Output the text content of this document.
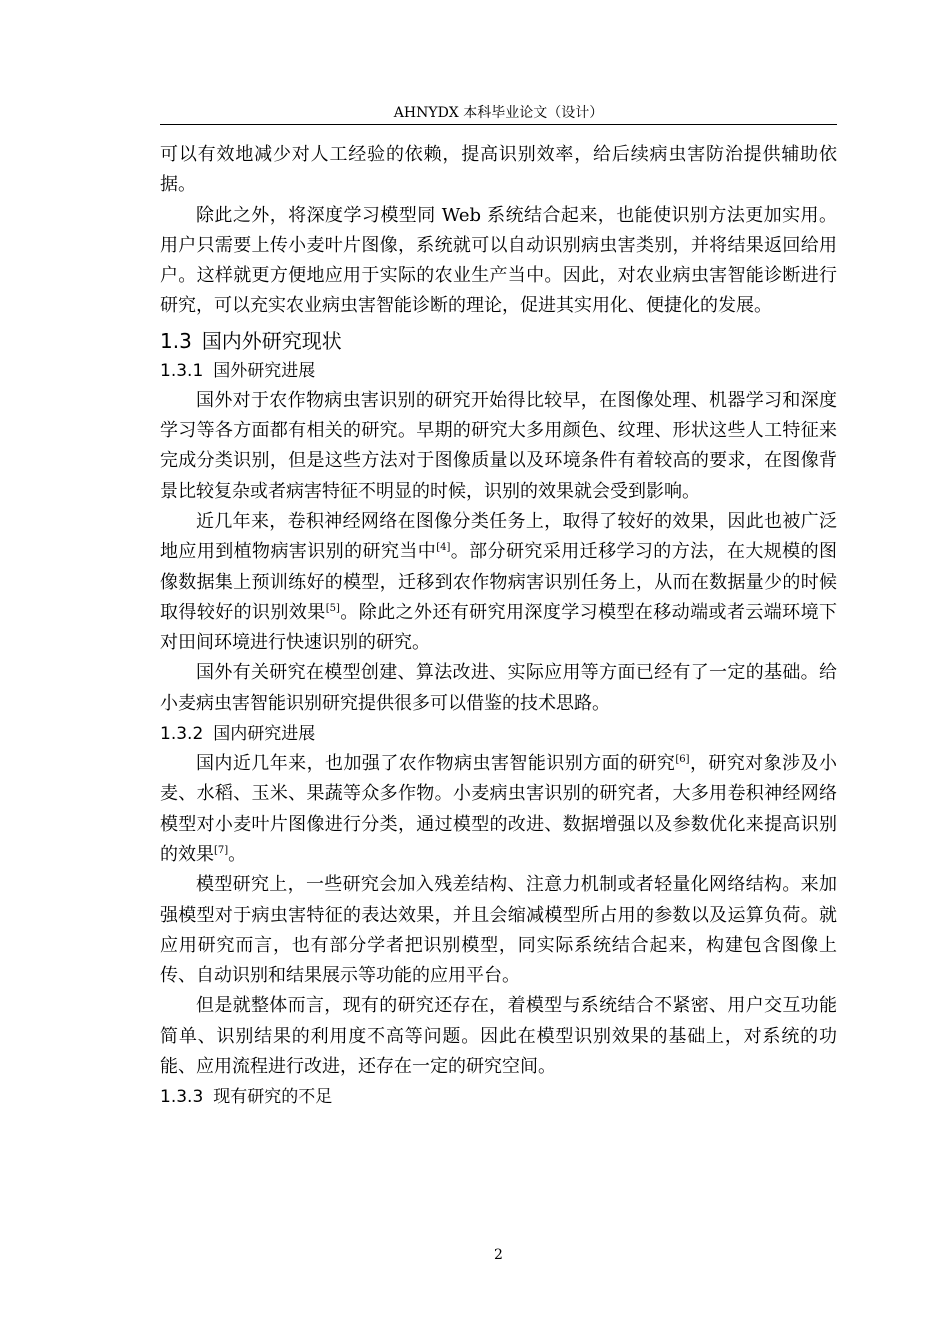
AHNYDX 本科毕业论文（设计）

可以有效地减少对人工经验的依赖，提高识别效率，给后续病虫害防治提供辅助依据。

除此之外，将深度学习模型同 Web 系统结合起来，也能使识别方法更加实用。用户只需要上传小麦叶片图像，系统就可以自动识别病虫害类别，并将结果返回给用户。这样就更方便地应用于实际的农业生产当中。因此，对农业病虫害智能诊断进行研究，可以充实农业病虫害智能诊断的理论，促进其实用化、便捷化的发展。

1.3 国内外研究现状
1.3.1 国外研究进展

国外对于农作物病虫害识别的研究开始得比较早，在图像处理、机器学习和深度学习等各方面都有相关的研究。早期的研究大多用颜色、纹理、形状这些人工特征来完成分类识别，但是这些方法对于图像质量以及环境条件有着较高的要求，在图像背景比较复杂或者病害特征不明显的时候，识别的效果就会受到影响。

近几年来，卷积神经网络在图像分类任务上，取得了较好的效果，因此也被广泛地应用到植物病害识别的研究当中[4]。部分研究采用迁移学习的方法，在大规模的图像数据集上预训练好的模型，迁移到农作物病害识别任务上，从而在数据量少的时候取得较好的识别效果[5]。除此之外还有研究用深度学习模型在移动端或者云端环境下对田间环境进行快速识别的研究。

国外有关研究在模型创建、算法改进、实际应用等方面已经有了一定的基础。给小麦病虫害智能识别研究提供很多可以借鉴的技术思路。

1.3.2 国内研究进展

国内近几年来，也加强了农作物病虫害智能识别方面的研究[6]，研究对象涉及小麦、水稻、玉米、果蔬等众多作物。小麦病虫害识别的研究者，大多用卷积神经网络模型对小麦叶片图像进行分类，通过模型的改进、数据增强以及参数优化来提高识别的效果[7]。

模型研究上，一些研究会加入残差结构、注意力机制或者轻量化网络结构。来加强模型对于病虫害特征的表达效果，并且会缩减模型所占用的参数以及运算负荷。就应用研究而言，也有部分学者把识别模型，同实际系统结合起来，构建包含图像上传、自动识别和结果展示等功能的应用平台。

但是就整体而言，现有的研究还存在，着模型与系统结合不紧密、用户交互功能简单、识别结果的利用度不高等问题。因此在模型识别效果的基础上，对系统的功能、应用流程进行改进，还存在一定的研究空间。

1.3.3 现有研究的不足
2
